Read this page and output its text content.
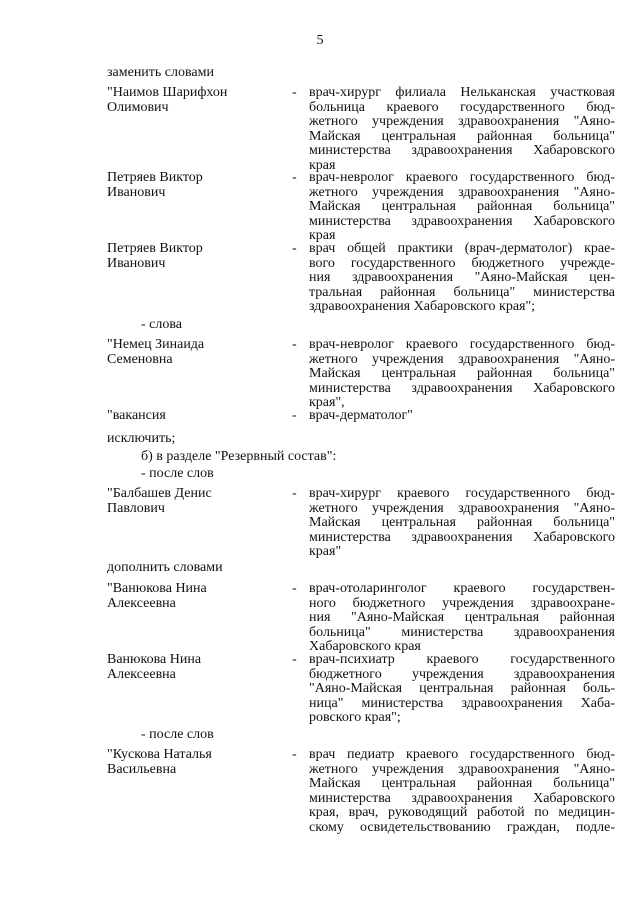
5
заменить словами
"Наимов Шарифхон
Олимович
- врач-хирург филиала Нельканская участковая
больница краевого государственного бюд-
жетного учреждения здравоохранения "Аяно-
Майская центральная районная больница"
министерства здравоохранения Хабаровского
края
Петряев Виктор
Иванович
- врач-невролог краевого государственного бюд-
жетного учреждения здравоохранения "Аяно-
Майская центральная районная больница"
министерства здравоохранения Хабаровского
края
Петряев Виктор
Иванович
- врач общей практики (врач-дерматолог) крае-
вого государственного бюджетного учрежде-
ния здравоохранения "Аяно-Майская цен-
тральная районная больница" министерства
здравоохранения Хабаровского края";
- слова
"Немец Зинаида
Семеновна
- врач-невролог краевого государственного бюд-
жетного учреждения здравоохранения "Аяно-
Майская центральная районная больница"
министерства здравоохранения Хабаровского
края",
"вакансия	- врач-дерматолог"
исключить;
б) в разделе "Резервный состав":
- после слов
"Балбашев Денис
Павлович
- врач-хирург краевого государственного бюд-
жетного учреждения здравоохранения "Аяно-
Майская центральная районная больница"
министерства здравоохранения Хабаровского
края"
дополнить словами
"Ванюкова Нина
Алексеевна
- врач-отоларинголог краевого государствен-
ного бюджетного учреждения здравоохране-
ния "Аяно-Майская центральная районная
больница" министерства здравоохранения
Хабаровского края
Ванюкова Нина
Алексеевна
- врач-психиатр краевого государственного
бюджетного учреждения здравоохранения
"Аяно-Майская центральная районная боль-
ница" министерства здравоохранения Хаба-
ровского края";
- после слов
"Кускова Наталья
Васильевна
- врач педиатр краевого государственного бюд-
жетного учреждения здравоохранения "Аяно-
Майская центральная районная больница"
министерства здравоохранения Хабаровского
края, врач, руководящий работой по медицин-
скому освидетельствованию граждан, подле-
